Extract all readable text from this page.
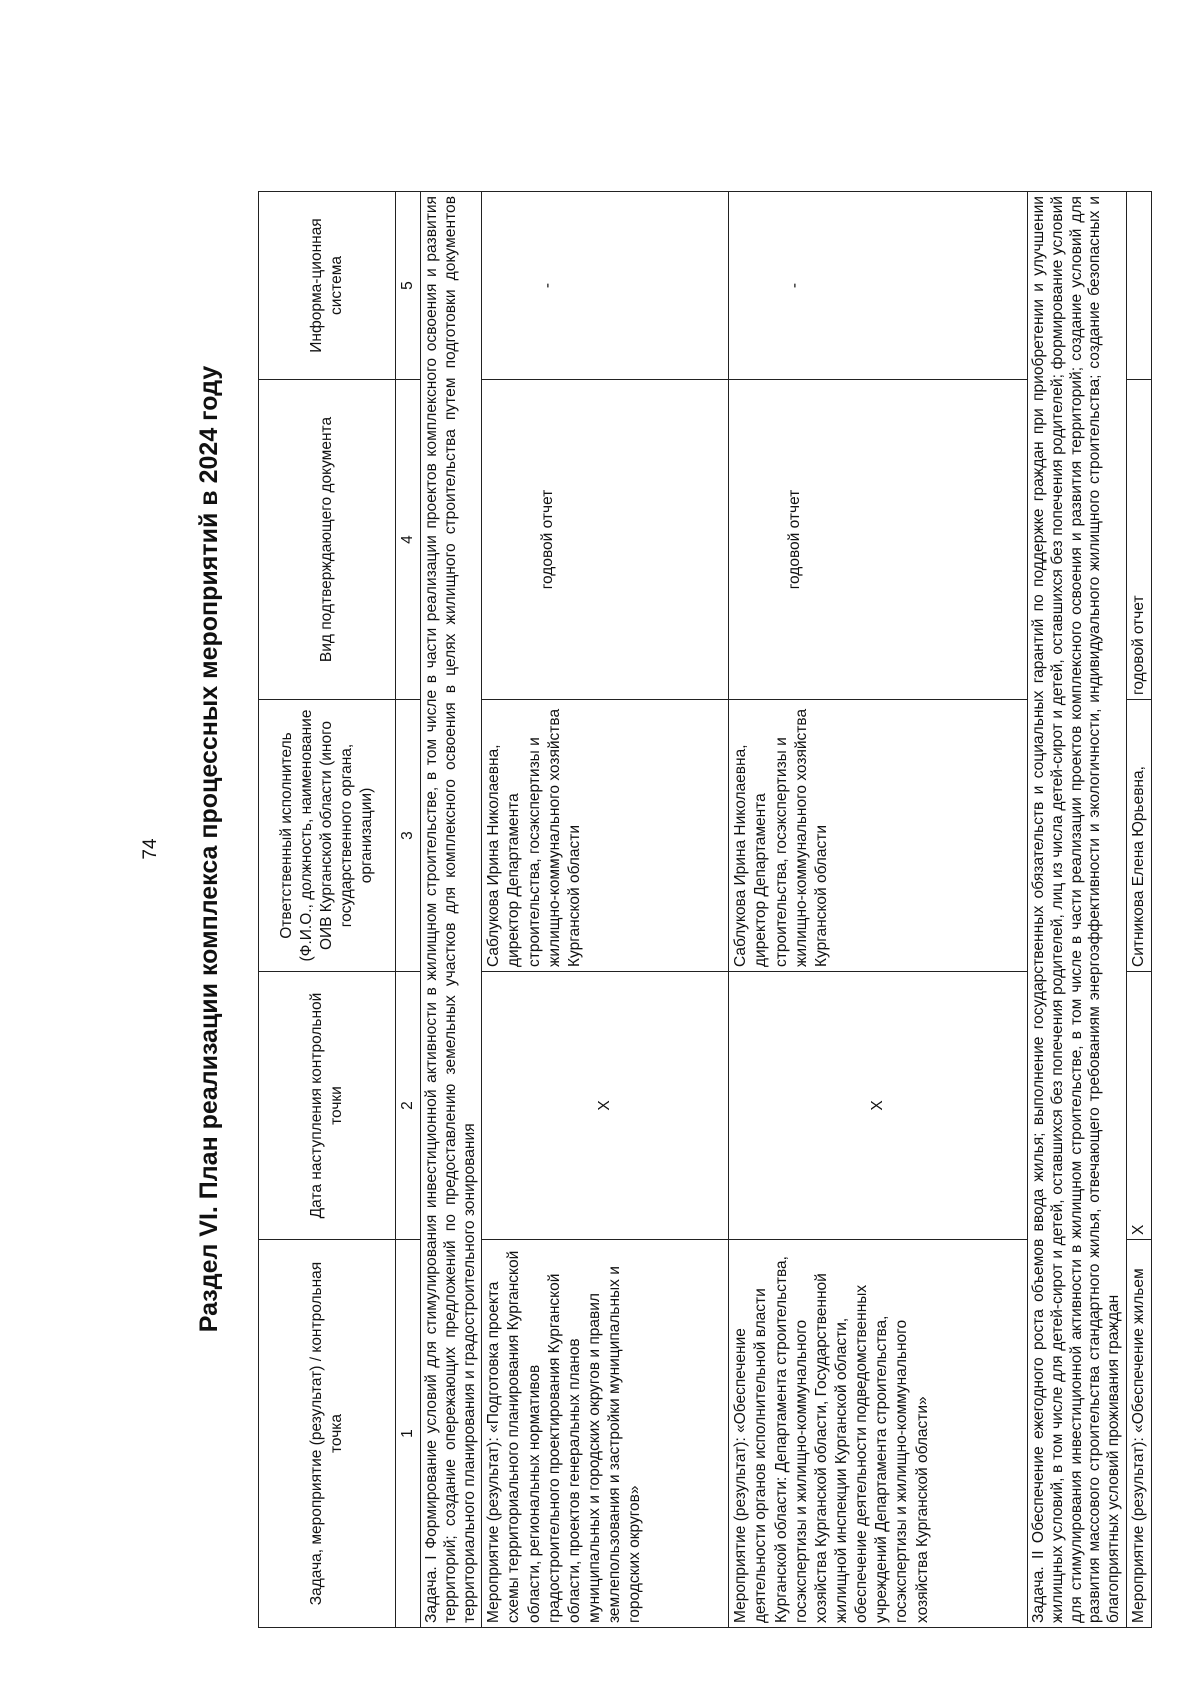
74 Раздел VI. План реализации комплекса процессных мероприятий в 2024 году
Задача, мероприятие (результат) / контрольная точка	Дата наступления контрольной точки	Ответственный исполнитель (Ф.И.О., должность, наименование ОИВ Курганской области (иного государственного органа, организации)	Вид подтверждающего документа	Информа-ционная система
1	2	3	4	5
Задача. I Формирование условий для стимулирования инвестиционной активности в жилищном строительстве, в том числе в части реализации проектов комплексного освоения и развития территорий; создание опережающих предложений по предоставлению земельных участков для комплексного освоения в целях жилищного строительства путем подготовки документов территориального планирования и градостроительного зонирования				
Мероприятие (результат): «Подготовка проекта схемы территориального планирования Курганской области, региональных нормативов градостроительного проектирования Курганской области, проектов генеральных планов муниципальных и городских округов и правил землепользования и застройки муниципальных и городских округов»	Х	Саблукова Ирина Николаевна, директор Департамента строительства, госэкспертизы и жилищно-коммунального хозяйства Курганской области	годовой отчет	-
Мероприятие (результат): «Обеспечение деятельности органов исполнительной власти Курганской области: Департамента строительства, госэкспертизы и жилищно-коммунального хозяйства Курганской области, Государственной жилищной инспекции Курганской области, обеспечение деятельности подведомственных учреждений Департамента строительства, госэкспертизы и жилищно-коммунального хозяйства Курганской области»	Х	Саблукова Ирина Николаевна, директор Департамента строительства, госэкспертизы и жилищно-коммунального хозяйства Курганской области	годовой отчет	-
Задача. II Обеспечение ежегодного роста объемов ввода жилья; выполнение государственных обязательств и социальных гарантий по поддержке граждан при приобретении и улучшении жилищных условий, в том числе для детей-сирот и детей, оставшихся без попечения родителей, лиц из числа детей-сирот и детей, оставшихся без попечения родителей; формирование условий для стимулирования инвестиционной активности в жилищном строительстве, в том числе в части реализации проектов комплексного освоения и развития территорий; создание условий для развития массового строительства стандартного жилья, отвечающего требованиям энергоэффективности и экологичности, индивидуального жилищного строительства; создание безопасных и благоприятных условий проживания граждан				
Мероприятие (результат): «Обеспечение жильем	Х	Ситникова Елена Юрьевна,	годовой отчет	
